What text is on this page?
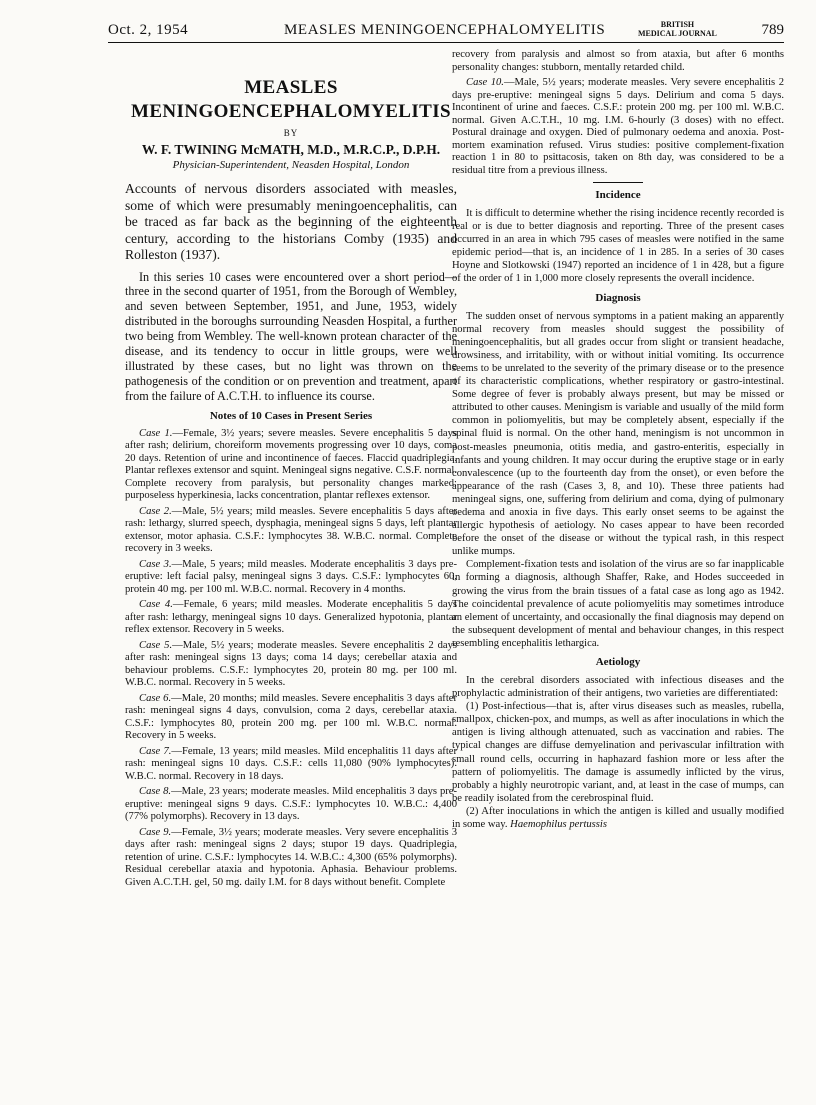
Oct. 2, 1954	MEASLES MENINGOENCEPHALOMYELITIS	BRITISH
MEDICAL JOURNAL	789
MEASLES
MENINGOENCEPHALOMYELITIS
BY
W. F. TWINING McMATH, M.D., M.R.C.P., D.P.H.
Physician-Superintendent, Neasden Hospital, London

Accounts of nervous disorders associated with measles, some of which were presumably meningoencephalitis, can be traced as far back as the beginning of the eighteenth century, according to the historians Comby (1935) and Rolleston (1937).

In this series 10 cases were encountered over a short period—three in the second quarter of 1951, from the Borough of Wembley, and seven between September, 1951, and June, 1953, widely distributed in the boroughs surrounding Neasden Hospital, a further two being from Wembley. The well-known protean character of the disease, and its tendency to occur in little groups, were well illustrated by these cases, but no light was thrown on the pathogenesis of the condition or on prevention and treatment, apart from the failure of A.C.T.H. to influence its course.

Notes of 10 Cases in Present Series

Case 1.—Female, 3½ years; severe measles. Severe encephalitis 5 days after rash; delirium, choreiform movements progressing over 10 days, coma 20 days. Retention of urine and incontinence of faeces. Flaccid quadriplegia. Plantar reflexes extensor and squint. Meningeal signs negative. C.S.F. normal. Complete recovery from paralysis, but personality changes marked: purposeless hyperkinesia, lacks concentration, plantar reflexes extensor.

Case 2.—Male, 5½ years; mild measles. Severe encephalitis 5 days after rash: lethargy, slurred speech, dysphagia, meningeal signs 5 days, left plantar extensor, motor aphasia. C.S.F.: lymphocytes 38. W.B.C. normal. Complete recovery in 3 weeks.

Case 3.—Male, 5 years; mild measles. Moderate encephalitis 3 days pre-eruptive: left facial palsy, meningeal signs 3 days. C.S.F.: lymphocytes 60, protein 40 mg. per 100 ml. W.B.C. normal. Recovery in 4 months.

Case 4.—Female, 6 years; mild measles. Moderate encephalitis 5 days after rash: lethargy, meningeal signs 10 days. Generalized hypotonia, plantar reflex extensor. Recovery in 5 weeks.

Case 5.—Male, 5½ years; moderate measles. Severe encephalitis 2 days after rash: meningeal signs 13 days; coma 14 days; cerebellar ataxia and behaviour problems. C.S.F.: lymphocytes 20, protein 80 mg. per 100 ml. W.B.C. normal. Recovery in 5 weeks.

Case 6.—Male, 20 months; mild measles. Severe encephalitis 3 days after rash: meningeal signs 4 days, convulsion, coma 2 days, cerebellar ataxia. C.S.F.: lymphocytes 80, protein 200 mg. per 100 ml. W.B.C. normal. Recovery in 5 weeks.

Case 7.—Female, 13 years; mild measles. Mild encephalitis 11 days after rash: meningeal signs 10 days. C.S.F.: cells 11,080 (90% lymphocytes). W.B.C. normal. Recovery in 18 days.

Case 8.—Male, 23 years; moderate measles. Mild encephalitis 3 days pre-eruptive: meningeal signs 9 days. C.S.F.: lymphocytes 10. W.B.C.: 4,400 (77% polymorphs). Recovery in 13 days.

Case 9.—Female, 3½ years; moderate measles. Very severe encephalitis 3 days after rash: meningeal signs 2 days; stupor 19 days. Quadriplegia, retention of urine. C.S.F.: lymphocytes 14. W.B.C.: 4,300 (65% polymorphs). Residual cerebellar ataxia and hypotonia. Aphasia. Behaviour problems. Given A.C.T.H. gel, 50 mg. daily I.M. for 8 days without benefit. Complete

recovery from paralysis and almost so from ataxia, but after 6 months personality changes: stubborn, mentally retarded child.

Case 10.—Male, 5½ years; moderate measles. Very severe encephalitis 2 days pre-eruptive: meningeal signs 5 days. Delirium and coma 5 days. Incontinent of urine and faeces. C.S.F.: protein 200 mg. per 100 ml. W.B.C. normal. Given A.C.T.H., 10 mg. I.M. 6-hourly (3 doses) with no effect. Postural drainage and oxygen. Died of pulmonary oedema and anoxia. Post-mortem examination refused. Virus studies: positive complement-fixation reaction 1 in 80 to psittacosis, taken on 8th day, was considered to be a residual titre from a previous illness.

Incidence

It is difficult to determine whether the rising incidence recently recorded is real or is due to better diagnosis and reporting. Three of the present cases occurred in an area in which 795 cases of measles were notified in the same epidemic period—that is, an incidence of 1 in 285. In a series of 30 cases Hoyne and Slotkowski (1947) reported an incidence of 1 in 428, but a figure of the order of 1 in 1,000 more closely represents the overall incidence.

Diagnosis

The sudden onset of nervous symptoms in a patient making an apparently normal recovery from measles should suggest the possibility of meningoencephalitis, but all grades occur from slight or transient headache, drowsiness, and irritability, with or without initial vomiting. Its occurrence seems to be unrelated to the severity of the primary disease or to the presence of its characteristic complications, whether respiratory or gastro-intestinal. Some degree of fever is probably always present, but may be missed or attributed to other causes. Meningism is variable and usually of the mild form common in poliomyelitis, but may be completely absent, especially if the spinal fluid is normal. On the other hand, meningism is not uncommon in post-measles pneumonia, otitis media, and gastro-enteritis, especially in infants and young children. It may occur during the eruptive stage or in early convalescence (up to the fourteenth day from the onset), or even before the appearance of the rash (Cases 3, 8, and 10). These three patients had meningeal signs, one, suffering from delirium and coma, dying of pulmonary oedema and anoxia in five days. This early onset seems to be against the allergic hypothesis of aetiology. No cases appear to have been recorded before the onset of the disease or without the typical rash, in this respect unlike mumps.

Complement-fixation tests and isolation of the virus are so far inapplicable in forming a diagnosis, although Shaffer, Rake, and Hodes succeeded in growing the virus from the brain tissues of a fatal case as long ago as 1942. The coincidental prevalence of acute poliomyelitis may sometimes introduce an element of uncertainty, and occasionally the final diagnosis may depend on the subsequent development of mental and behaviour changes, in this respect resembling encephalitis lethargica.

Aetiology

In the cerebral disorders associated with infectious diseases and the prophylactic administration of their antigens, two varieties are differentiated:

(1) Post-infectious—that is, after virus diseases such as measles, rubella, smallpox, chicken-pox, and mumps, as well as after inoculations in which the antigen is living although attenuated, such as vaccination and rabies. The typical changes are diffuse demyelination and perivascular infiltration with small round cells, occurring in haphazard fashion more or less after the pattern of poliomyelitis. The damage is assumedly inflicted by the virus, probably a highly neurotropic variant, and, at least in the case of mumps, can be readily isolated from the cerebrospinal fluid.

(2) After inoculations in which the antigen is killed and usually modified in some way. Haemophilus pertussis
